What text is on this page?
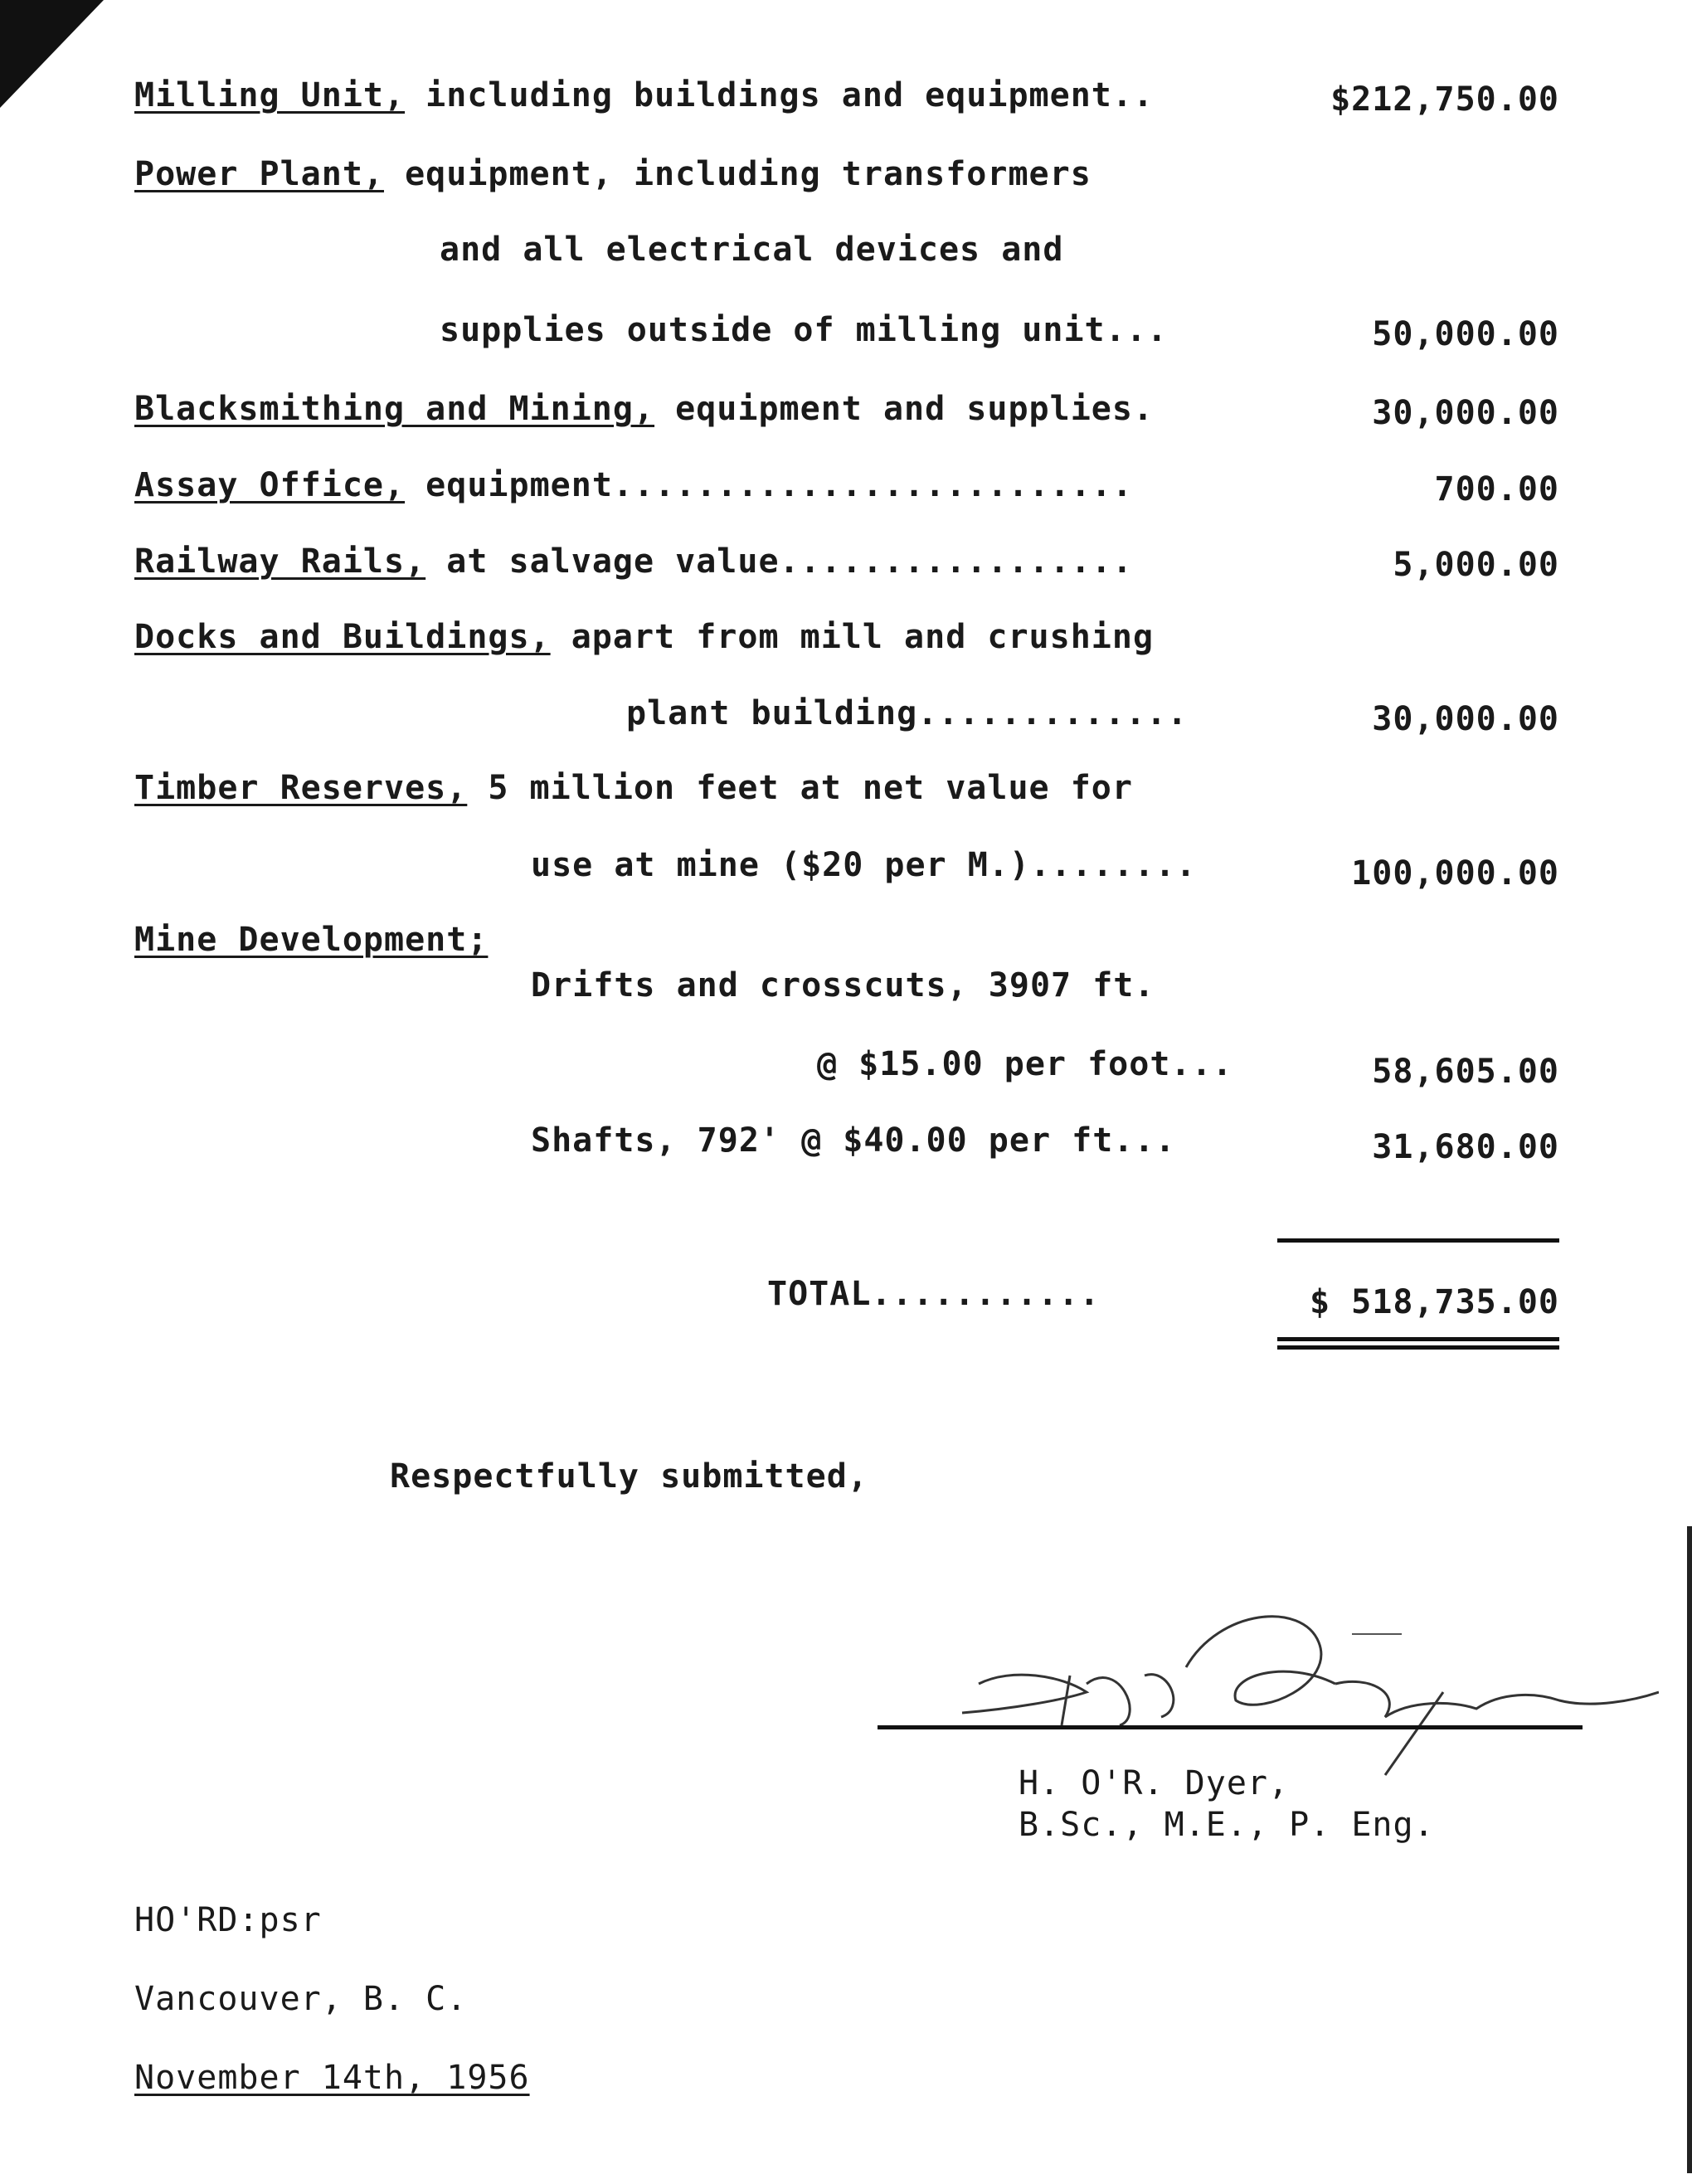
Milling Unit, including buildings and equipment..	$212,750.00
Power Plant, equipment, including transformers
and all electrical devices and
supplies outside of milling unit...	50,000.00
Blacksmithing and Mining, equipment and supplies.	30,000.00
Assay Office, equipment.........................	700.00
Railway Rails, at salvage value.................	5,000.00
Docks and Buildings, apart from mill and crushing
plant building.............	30,000.00
Timber Reserves, 5 million feet at net value for
use at mine ($20 per M.)........	100,000.00
Mine Development;
Drifts and crosscuts, 3907 ft.
@ $15.00 per foot...	58,605.00
Shafts, 792' @ $40.00 per ft...	31,680.00
TOTAL...........	$ 518,735.00
Respectfully submitted,
H. O'R. Dyer,
B.Sc., M.E., P. Eng.
HO'RD:psr
Vancouver, B. C.
November 14th, 1956
